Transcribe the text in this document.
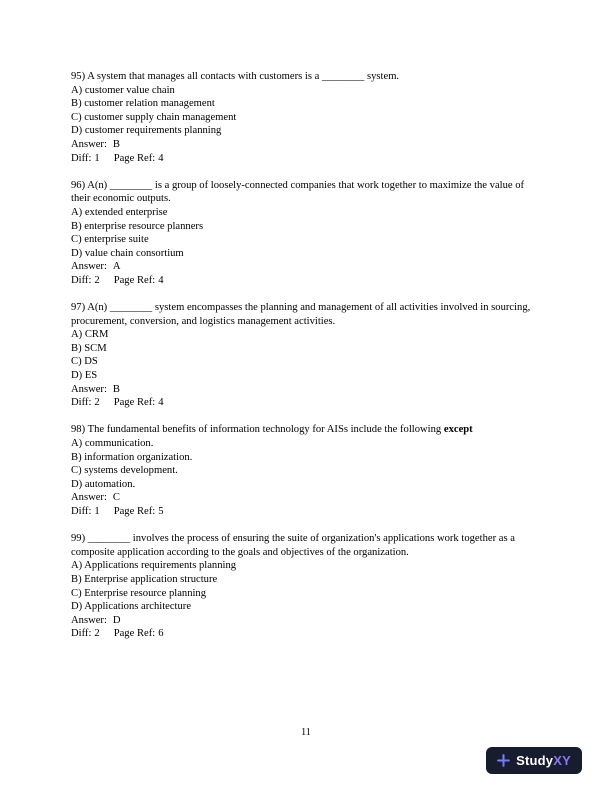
95) A system that manages all contacts with customers is a ________ system.

A) customer value chain

B) customer relation management

C) customer supply chain management

D) customer requirements planning

Answer: B

Diff: 1 Page Ref: 4

96) A(n) ________ is a group of loosely-connected companies that work together to maximize the value of their economic outputs.

A) extended enterprise

B) enterprise resource planners

C) enterprise suite

D) value chain consortium

Answer: A

Diff: 2 Page Ref: 4

97) A(n) ________ system encompasses the planning and management of all activities involved in sourcing, procurement, conversion, and logistics management activities.

A) CRM

B) SCM

C) DS

D) ES

Answer: B

Diff: 2 Page Ref: 4

98) The fundamental benefits of information technology for AISs include the following except

A) communication.

B) information organization.

C) systems development.

D) automation.

Answer: C

Diff: 1 Page Ref: 5

99) ________ involves the process of ensuring the suite of organization's applications work together as a composite application according to the goals and objectives of the organization.

A) Applications requirements planning

B) Enterprise application structure

C) Enterprise resource planning

D) Applications architecture

Answer: D

Diff: 2 Page Ref: 6

11
StudyXY
